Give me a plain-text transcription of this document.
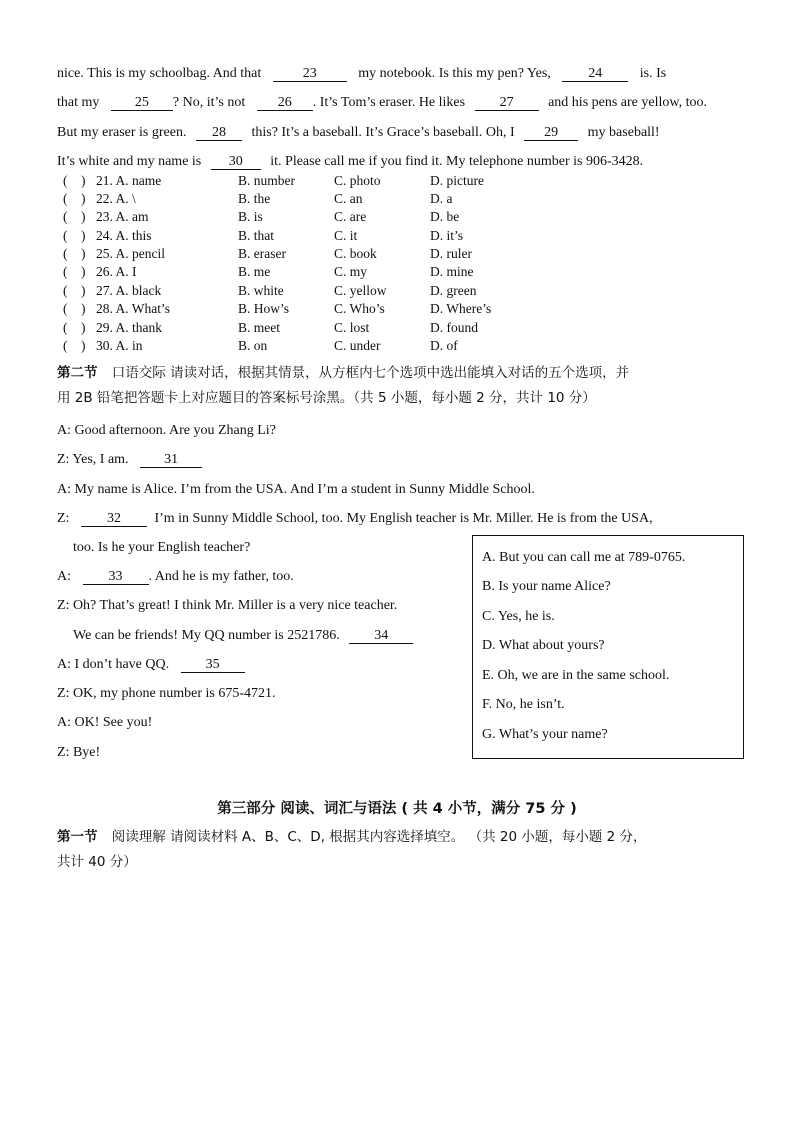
nice. This is my schoolbag. And that	23	my notebook. Is this my pen? Yes,	24	is. Is
that my	25 ? No, it’s not 26 . It’s Tom’s eraser. He likes 27 and his pens are yellow, too.
But my eraser is green. 28 this? It’s a baseball. It’s Grace’s baseball. Oh, I 29 my baseball!
It’s white and my name is 30 it. Please call me if you find it. My telephone number is 906-3428.
(    ) 21. A. name	B. number	C. photo	D. picture
(    ) 22. A. \	B. the	C. an	D. a
(    ) 23. A. am	B. is	C. are	D. be
(    ) 24. A. this	B. that	C. it	D. it’s
(    ) 25. A. pencil	B. eraser	C. book	D. ruler
(    ) 26. A. I	B. me	C. my	D. mine
(    ) 27. A. black	B. white	C. yellow	D. green
(    ) 28. A. What’s	B. How’s	C. Who’s	D. Where’s
(    ) 29. A. thank	B. meet	C. lost	D. found
(    ) 30. A. in	B. on	C. under	D. of
第二节 口语交际 请读对话，根据其情景，从方框内七个选项中选出能填入对话的五个选项，并
用 2B 铅笔把答题卡上对应题目的答案标号涂黑。（共 5 小题，每小题 2 分，共计 10 分）
A: Good afternoon. Are you Zhang Li?
Z: Yes, I am.	31
A: My name is Alice. I’m from the USA. And I’m a student in Sunny Middle School.
Z:	32 I’m in Sunny Middle School, too. My English teacher is Mr. Miller. He is from the USA,
too. Is he your English teacher?
A:	33 . And he is my father, too.
Z: Oh? That’s great! I think Mr. Miller is a very nice teacher.
We can be friends! My QQ number is 2521786. 34
A: I don’t have QQ.	35
Z: OK, my phone number is 675-4721.
A: OK! See you!
Z: Bye!
A. But you can call me at 789-0765.
B. Is your name Alice?
C. Yes, he is.
D. What about yours?
E. Oh, we are in the same school.
F. No, he isn’t.
G. What’s your name?
第三部分 阅读、词汇与语法 ( 共 4 小节，满分 75 分 )
第一节 阅读理解 请阅读材料 A、B、C、D, 根据其内容选择填空。 （共 20 小题，每小题 2 分，
共计 40 分）
